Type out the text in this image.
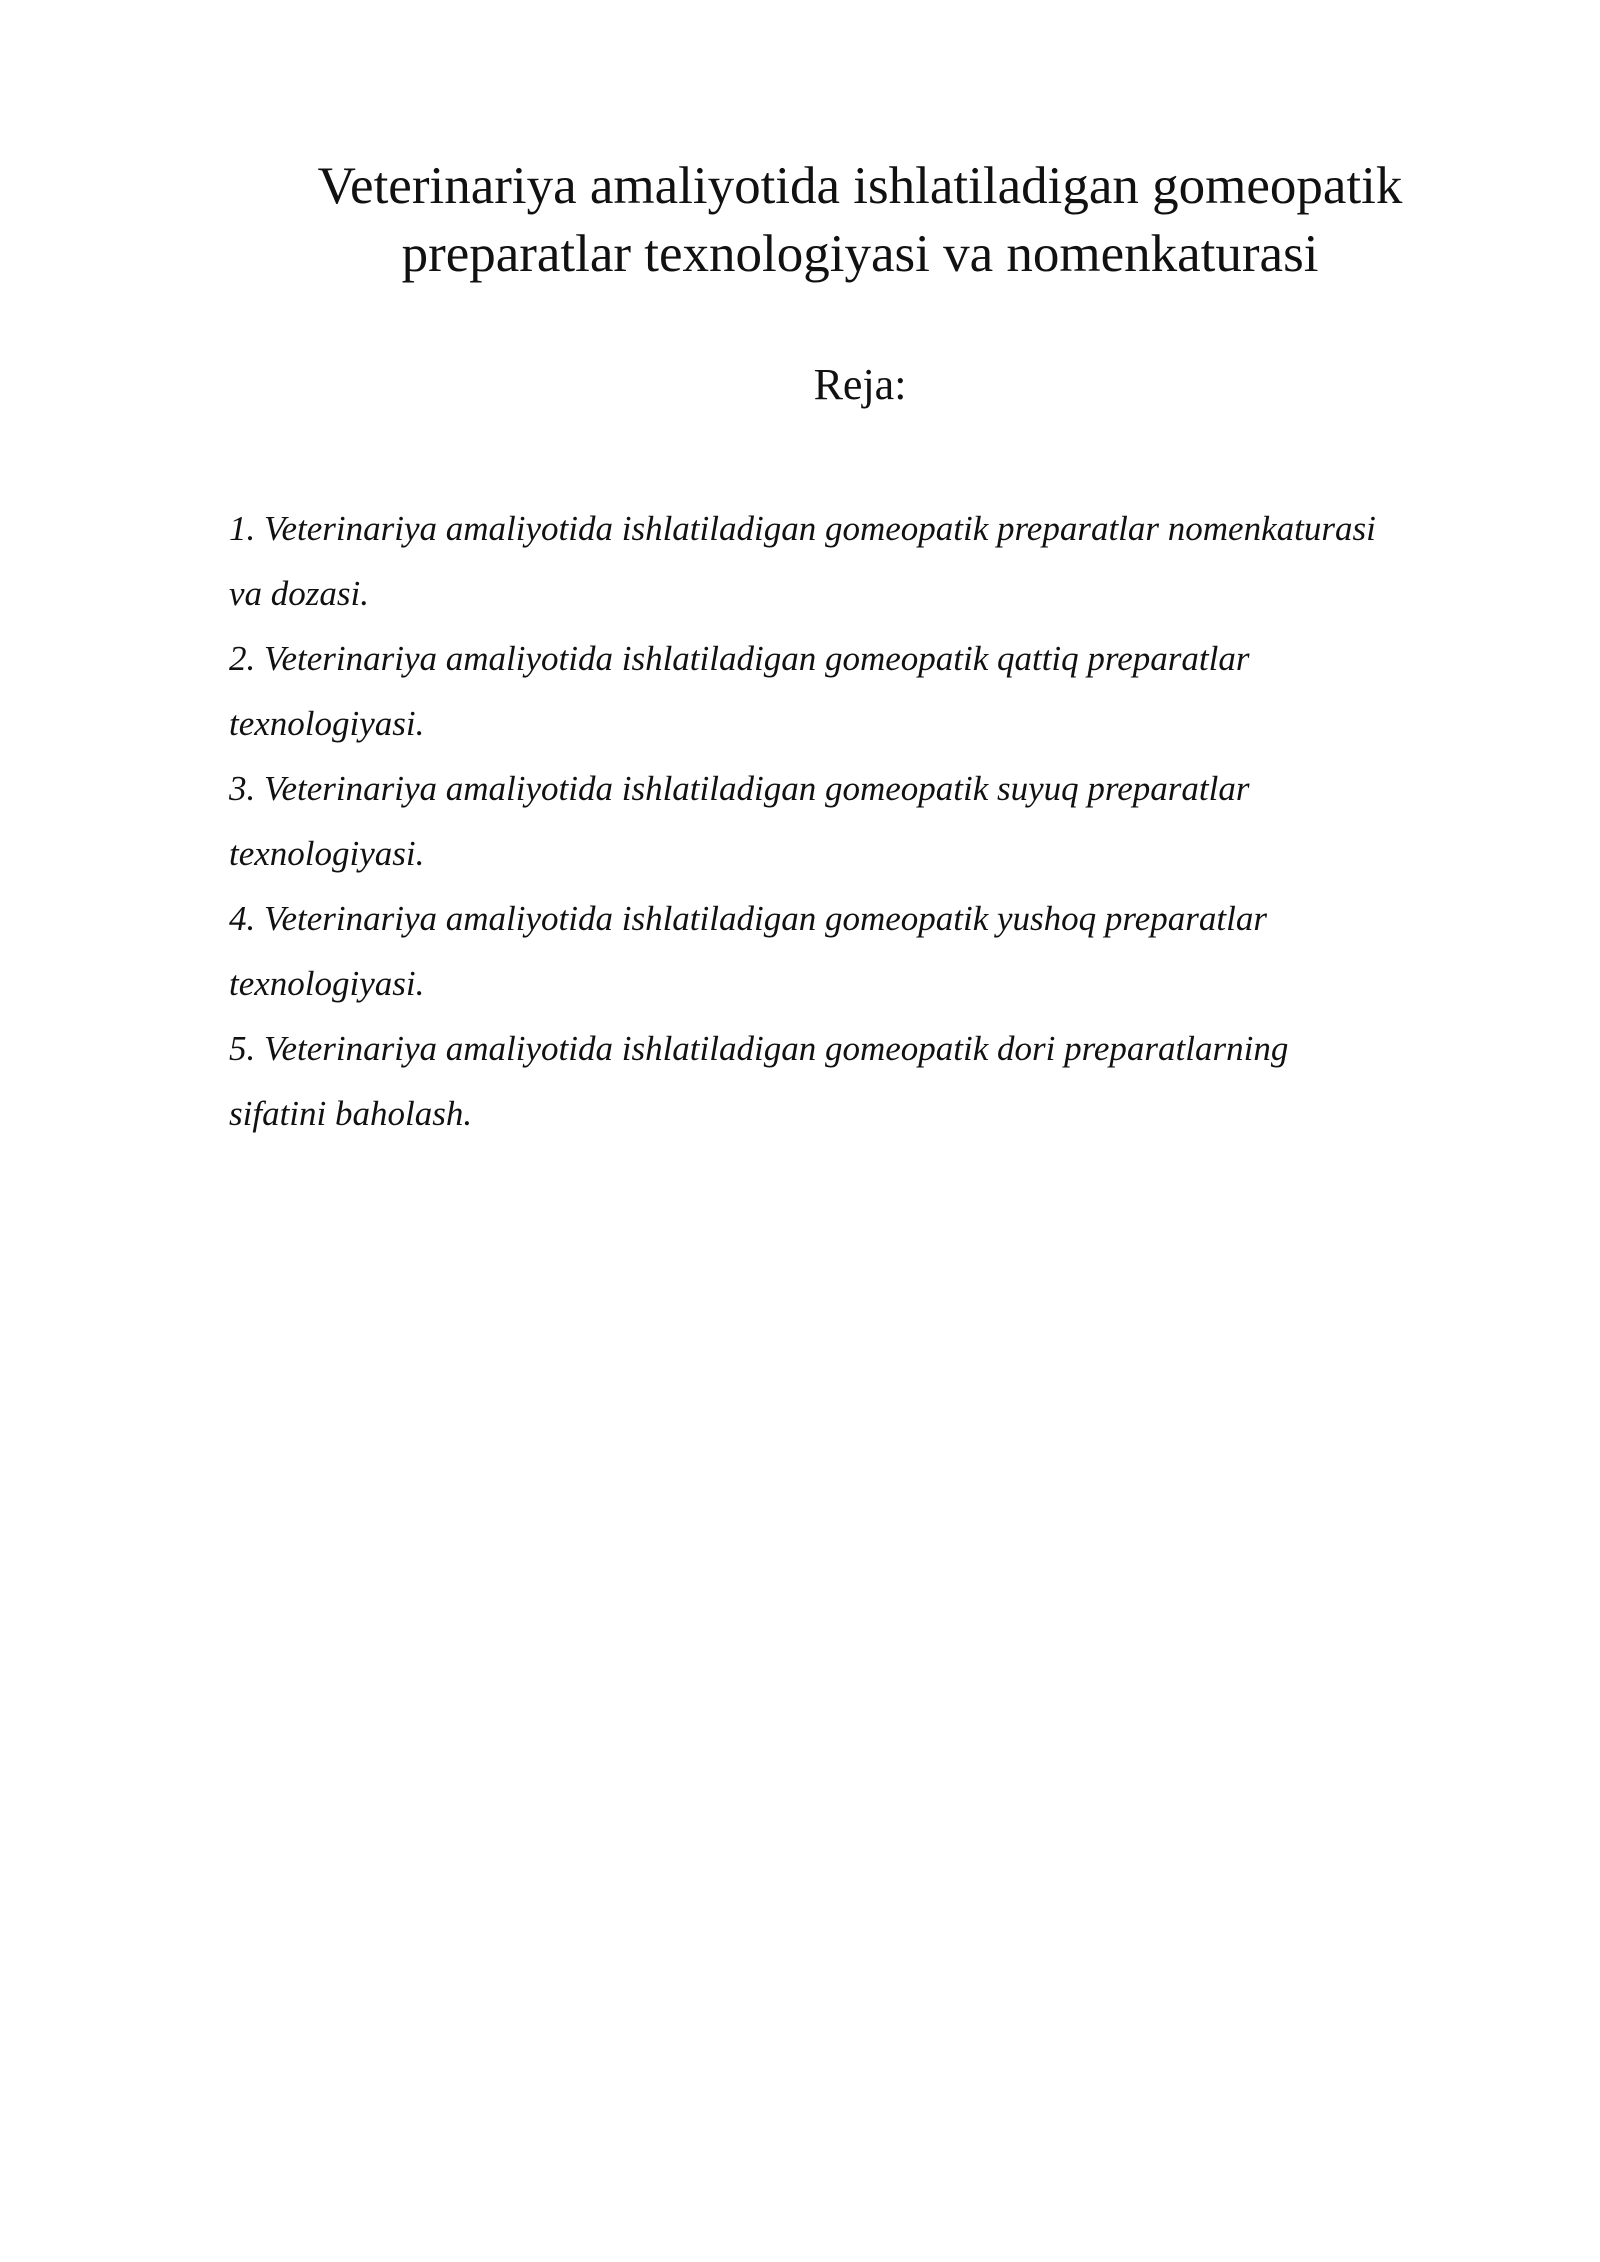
Veterinariya amaliyotida ishlatiladigan gomeopatik
preparatlar texnologiyasi va nomenkaturasi
Reja:
1. Veterinariya amaliyotida ishlatiladigan gomeopatik preparatlar nomenkaturasi
va dozasi.
2. Veterinariya amaliyotida ishlatiladigan gomeopatik qattiq preparatlar
texnologiyasi.
3. Veterinariya amaliyotida ishlatiladigan gomeopatik suyuq preparatlar
texnologiyasi.
4. Veterinariya amaliyotida ishlatiladigan gomeopatik yushoq preparatlar
texnologiyasi.
5. Veterinariya amaliyotida ishlatiladigan gomeopatik dori preparatlarning
sifatini baholash.
